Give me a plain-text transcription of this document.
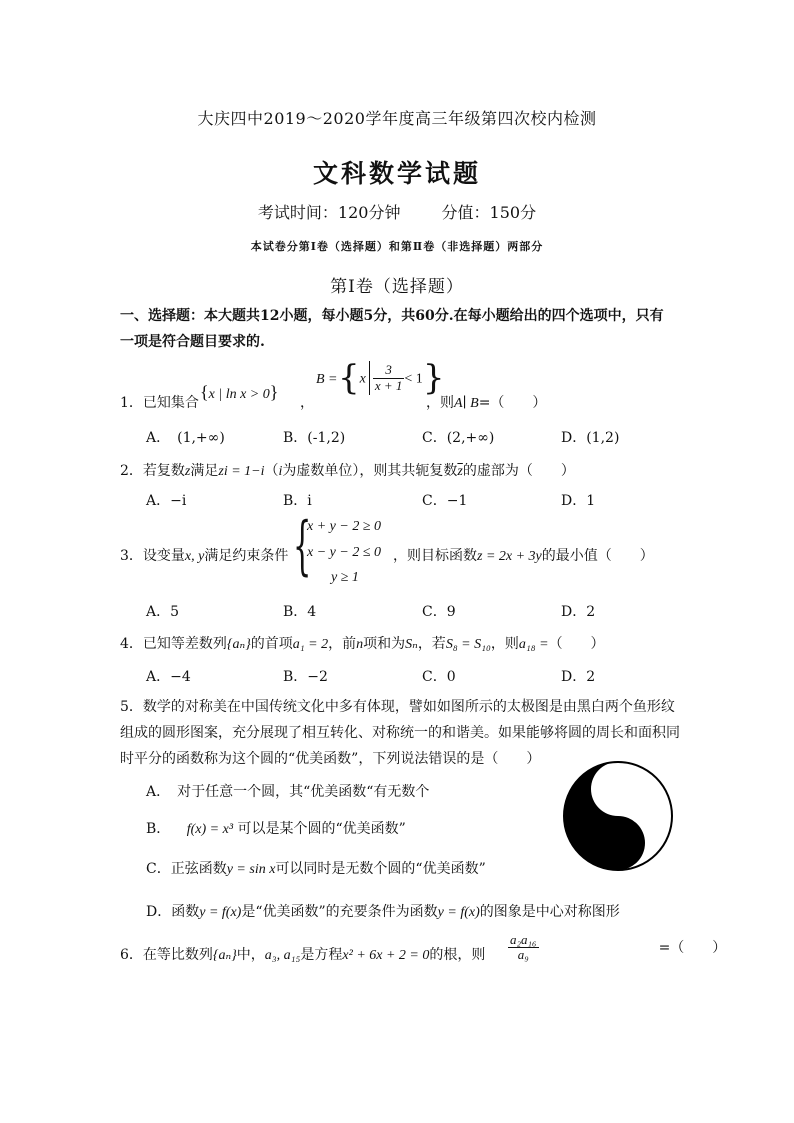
大庆四中2019～2020学年度高三年级第四次校内检测
文科数学试题
考试时间：120分钟	分值：150分
本试卷分第Ⅰ卷（选择题）和第Ⅱ卷（非选择题）两部分
第Ⅰ卷（选择题）
一、选择题：本大题共12小题，每小题5分，共60分.在每小题给出的四个选项中，只有
一项是符合题目要求的.
1．已知集合
{x | ln x > 0}
，
$B = \{x \frac{3}{x + 1} < 1\}$
，则A∣ B=（　　）
A．　(1,+∞)	B．(-1,2)	C．(2,+∞)	D．(1,2)
2．若复数z满足zi = 1−i（i为虚数单位），则其共轭复数$\overline{z}$的虚部为（　　）
A．−i	B．i	C．−1	D．1
3．设变量x, y满足约束条件 {
x + y − 2 ≥ 0
x − y − 2 ≤ 0
y ≥ 1
，则目标函数z = 2x + 3y的最小值（　　）
A．5	B．4	C．9	D．2
4．已知等差数列{aₙ}的首项a₁ = 2，前n项和为Sₙ，若S₈ = S₁₀，则a₁₈ =（　　）
A．−4	B．−2	C．0	D．2
5．数学的对称美在中国传统文化中多有体现，譬如如图所示的太极图是由黑白两个鱼形纹
组成的圆形图案，充分展现了相互转化、对称统一的和谐美。如果能够将圆的周长和面积同
时平分的函数称为这个圆的“优美函数”，下列说法错误的是（　　）
A．　对于任意一个圆，其“优美函数“有无数个
B． f(x) = x³ 可以是某个圆的“优美函数”
C．正弦函数y = sin x可以同时是无数个圆的“优美函数”
D．函数y = f(x)是“优美函数”的充要条件为函数y = f(x)的图象是中心对称图形
6．在等比数列{aₙ}中，a₃, a₁₅是方程x² + 6x + 2 = 0的根，则 $\frac{\text{a₂a₁₆}}{\text{a₉}}$	=（　　）
